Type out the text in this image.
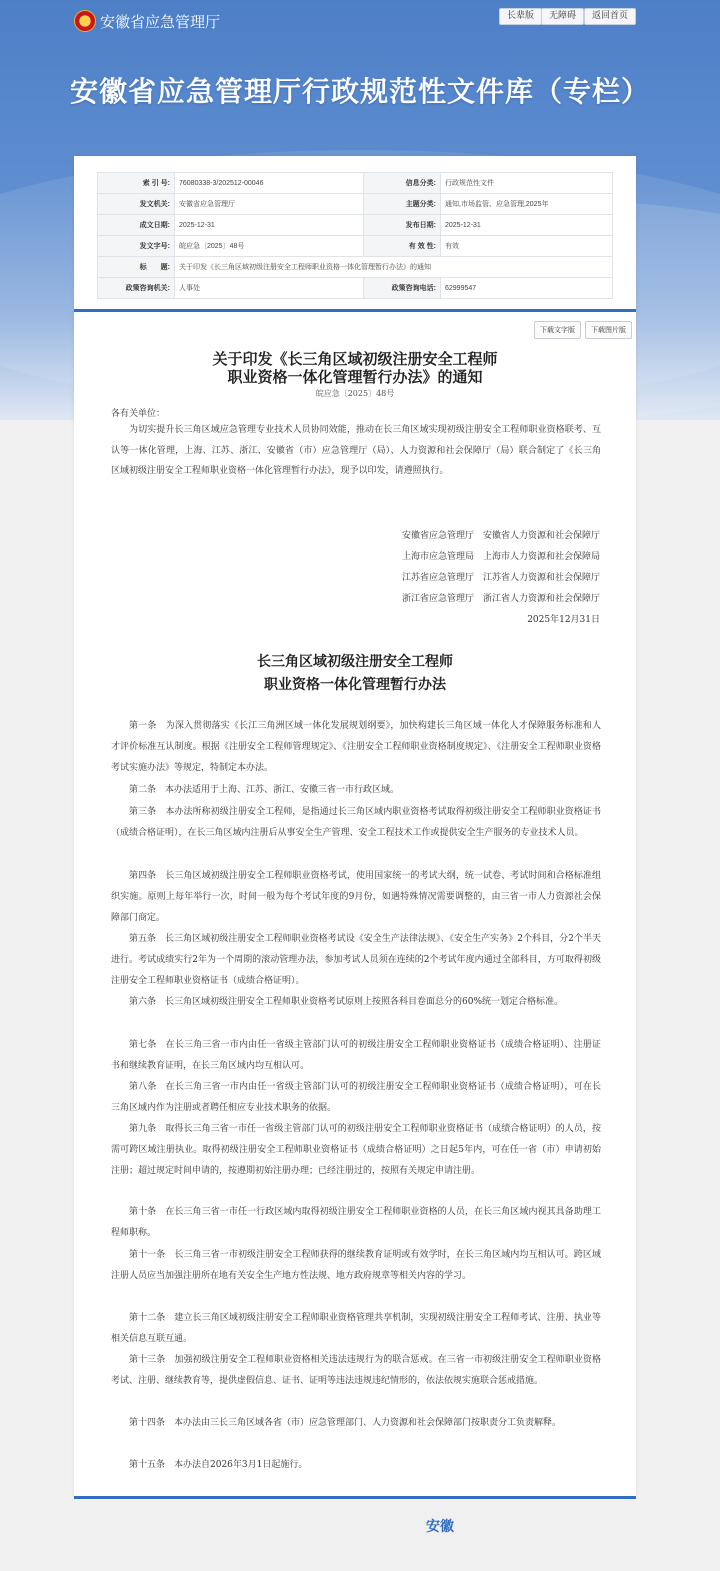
安徽省应急管理厅	长辈版	无障碍	返回首页
安徽省应急管理厅行政规范性文件库（专栏）
索 引 号:	76080338-3/202512-00046	信息分类:	行政规范性文件
发文机关:	安徽省应急管理厅	主题分类:	通知,市场监管、应急管理,2025年
成文日期:	2025-12-31	发布日期:	2025-12-31
发文字号:	皖应急〔2025〕48号	有 效 性:	有效
标　　题:	关于印发《长三角区域初级注册安全工程师职业资格一体化管理暂行办法》的通知		
政策咨询机关:	人事处	政策咨询电话:	62999547
下载文字版	下载图片版
关于印发《长三角区域初级注册安全工程师
职业资格一体化管理暂行办法》的通知
皖应急〔2025〕48号
各有关单位：

为切实提升长三角区域应急管理专业技术人员协同效能，推动在长三角区域实现初级注册安全工程师职业资格联考、互认等一体化管理，上海、江苏、浙江、安徽省（市）应急管理厅（局）、人力资源和社会保障厅（局）联合制定了《长三角区域初级注册安全工程师职业资格一体化管理暂行办法》，现予以印发，请遵照执行。

安徽省应急管理厅　安徽省人力资源和社会保障厅

上海市应急管理局　上海市人力资源和社会保障局

江苏省应急管理厅　江苏省人力资源和社会保障厅

浙江省应急管理厅　浙江省人力资源和社会保障厅

2025年12月31日

长三角区域初级注册安全工程师
职业资格一体化管理暂行办法

第一条　为深入贯彻落实《长江三角洲区域一体化发展规划纲要》，加快构建长三角区域一体化人才保障服务标准和人才评价标准互认制度。根据《注册安全工程师管理规定》、《注册安全工程师职业资格制度规定》、《注册安全工程师职业资格考试实施办法》等规定，特制定本办法。

第二条　本办法适用于上海、江苏、浙江、安徽三省一市行政区域。

第三条　本办法所称初级注册安全工程师，是指通过长三角区域内职业资格考试取得初级注册安全工程师职业资格证书（成绩合格证明），在长三角区域内注册后从事安全生产管理、安全工程技术工作或提供安全生产服务的专业技术人员。

第四条　长三角区域初级注册安全工程师职业资格考试，使用国家统一的考试大纲，统一试卷、考试时间和合格标准组织实施。原则上每年举行一次，时间一般为每个考试年度的9月份，如遇特殊情况需要调整的，由三省一市人力资源社会保障部门商定。

第五条　长三角区域初级注册安全工程师职业资格考试设《安全生产法律法规》、《安全生产实务》2个科目，分2个半天进行。考试成绩实行2年为一个周期的滚动管理办法，参加考试人员须在连续的2个考试年度内通过全部科目，方可取得初级注册安全工程师职业资格证书（成绩合格证明）。

第六条　长三角区域初级注册安全工程师职业资格考试原则上按照各科目卷面总分的60%统一划定合格标准。

第七条　在长三角三省一市内由任一省级主管部门认可的初级注册安全工程师职业资格证书（成绩合格证明）、注册证书和继续教育证明，在长三角区域内均互相认可。

第八条　在长三角三省一市内由任一省级主管部门认可的初级注册安全工程师职业资格证书（成绩合格证明），可在长三角区域内作为注册或者聘任相应专业技术职务的依据。

第九条　取得长三角三省一市任一省级主管部门认可的初级注册安全工程师职业资格证书（成绩合格证明）的人员，按需可跨区域注册执业。取得初级注册安全工程师职业资格证书（成绩合格证明）之日起5年内，可在任一省（市）申请初始注册；超过规定时间申请的，按遵期初始注册办理；已经注册过的，按照有关规定申请注册。

第十条　在长三角三省一市任一行政区域内取得初级注册安全工程师职业资格的人员，在长三角区域内视其具备助理工程师职称。

第十一条　长三角三省一市初级注册安全工程师获得的继续教育证明或有效学时，在长三角区域内均互相认可。跨区域注册人员应当加强注册所在地有关安全生产地方性法规、地方政府规章等相关内容的学习。

第十二条　建立长三角区域初级注册安全工程师职业资格管理共享机制，实现初级注册安全工程师考试、注册、执业等相关信息互联互通。

第十三条　加强初级注册安全工程师职业资格相关违法违规行为的联合惩戒。在三省一市初级注册安全工程师职业资格考试、注册、继续教育等，提供虚假信息、证书、证明等违法违规违纪情形的，依法依规实施联合惩戒措施。

第十四条　本办法由三长三角区域各省（市）应急管理部门、人力资源和社会保障部门按职责分工负责解释。

第十五条　本办法自2026年3月1日起施行。

安徽
